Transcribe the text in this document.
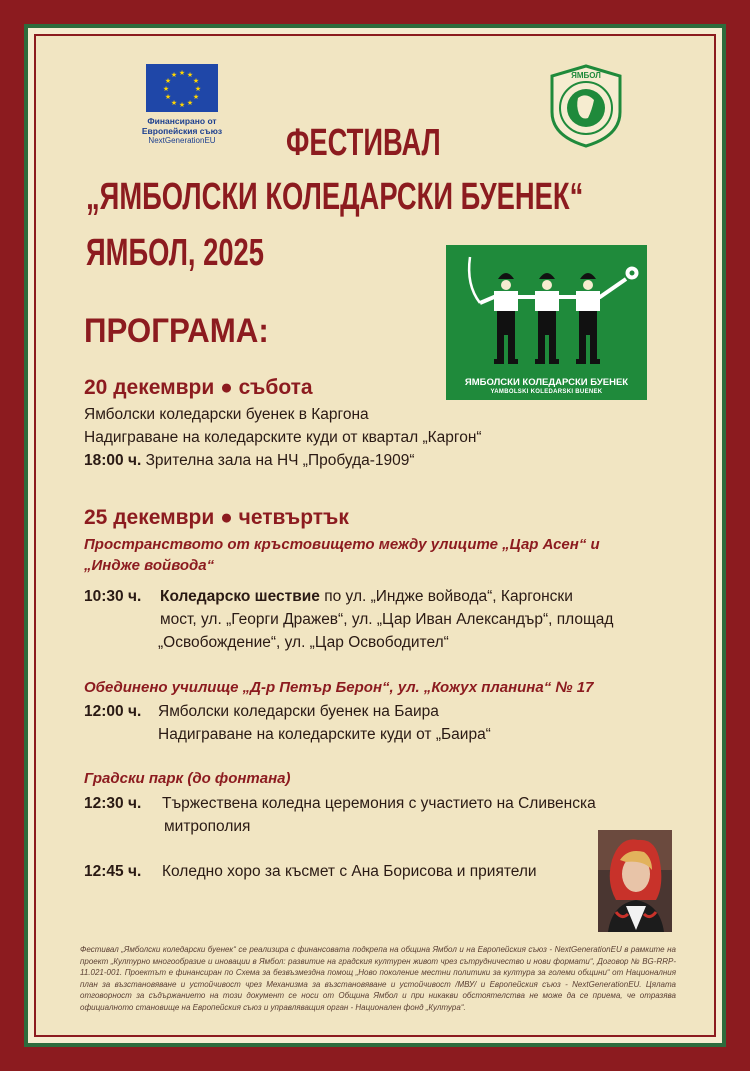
★ ★
★
★
★
★
★
★
★
★
★
★
Финансирано от
Европейския съюз
NextGenerationEU
ЯМБОЛ
ФЕСТИВАЛ
„ЯМБОЛСКИ КОЛЕДАРСКИ БУЕНЕК“
ЯМБОЛ, 2025
ПРОГРАМА:
ЯМБОЛСКИ КОЛЕДАРСКИ БУЕНЕК
YAMBOLSKI KOLEDARSKI BUENEK
20 декември ● събота
Ямболски коледарски буенек в Каргона
Надиграване на коледарските куди от квартал „Каргон“
18:00 ч. Зрителна зала на НЧ „Пробуда-1909“
25 декември ● четвъртък
Пространството от кръстовището между улиците „Цар Асен“ и
„Индже войвода“
10:30 ч. Коледарско шествие по ул. „Индже войвода“, Каргонски
мост, ул. „Георги Дражев“, ул. „Цар Иван Александър“, площад
„Освобождение“, ул. „Цар Освободител“
Обединено училище „Д-р Петър Берон“, ул. „Кожух планина“ № 17
12:00 ч. Ямболски коледарски буенек на Баира
Надиграване на коледарските куди от „Баира“
Градски парк (до фонтана)
12:30 ч. Тържествена коледна церемония с участието на Сливенска
митрополия
12:45 ч. Коледно хоро за късмет с Ана Борисова и приятели
Фестивал „Ямболски коледарски буенек“ се реализира с финансовата подкрепа на община Ямбол и на Европейския съюз - NextGenerationEU в рамките на проект „Културно многообразие и иновации в Ямбол: развитие на градския културен живот чрез сътрудничество и нови формати“, Договор № BG-RRP-11.021-001. Проектът е финансиран по Схема за безвъзмездна помощ „Ново поколение местни политики за култура за големи общини“ от Националния план за възстановяване и устойчивост чрез Механизма за възстановяване и устойчивост /МВУ/ и Европейския съюз - NextGenerationEU. Цялата отговорност за съдържанието на този документ се носи от Община Ямбол и при никакви обстоятелства не може да се приема, че отразява официалното становище на Европейския съюз и управляващия орган - Национален фонд „Култура“.
